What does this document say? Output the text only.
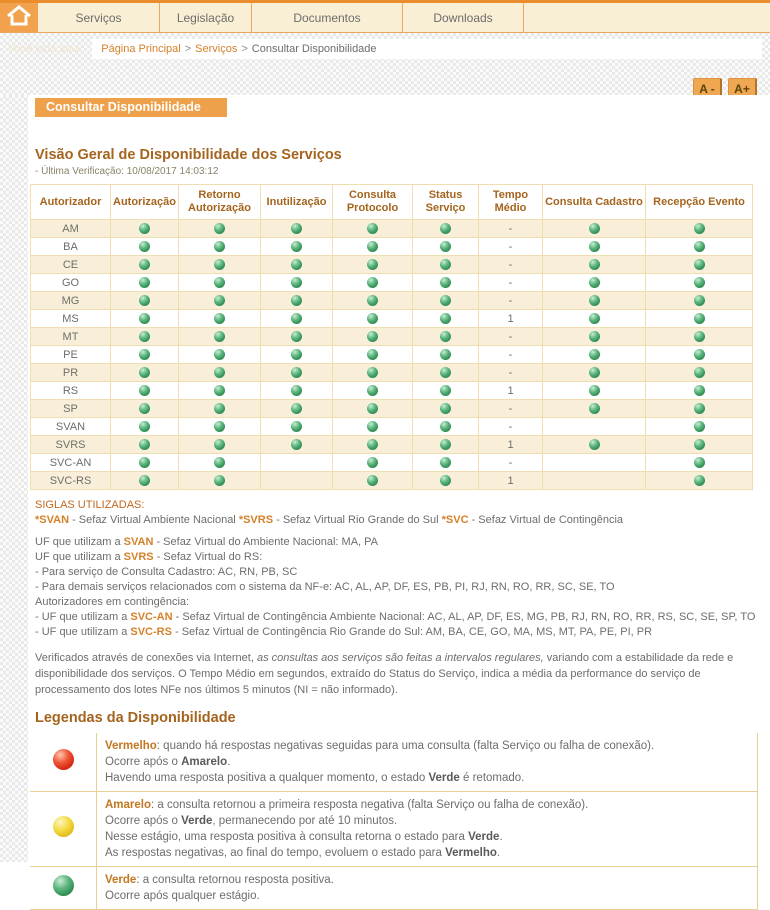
Serviços	Legislação	Documentos	Downloads
Você está aqui:	Página Principal > Serviços > Consultar Disponibilidade
A -	A+
Consultar Disponibilidade
Visão Geral de Disponibilidade dos Serviços
- Última Verificação: 10/08/2017 14:03:12
Autorizador	Autorização	Retorno Autorização	Inutilização	Consulta Protocolo	Status Serviço	Tempo Médio	Consulta Cadastro	Recepção Evento
AM						-		
BA						-		
CE						-		
GO						-		
MG						-		
MS						1		
MT						-		
PE						-		
PR						-		
RS						1		
SP						-		
SVAN						-		
SVRS						1		
SVC-AN						-		
SVC-RS						1		
SIGLAS UTILIZADAS:
*SVAN - Sefaz Virtual Ambiente Nacional *SVRS - Sefaz Virtual Rio Grande do Sul *SVC - Sefaz Virtual de Contingência
UF que utilizam a SVAN - Sefaz Virtual do Ambiente Nacional: MA, PA
UF que utilizam a SVRS - Sefaz Virtual do RS:
- Para serviço de Consulta Cadastro: AC, RN, PB, SC
- Para demais serviços relacionados com o sistema da NF-e: AC, AL, AP, DF, ES, PB, PI, RJ, RN, RO, RR, SC, SE, TO
Autorizadores em contingência:
- UF que utilizam a SVC-AN - Sefaz Virtual de Contingência Ambiente Nacional: AC, AL, AP, DF, ES, MG, PB, RJ, RN, RO, RR, RS, SC, SE, SP, TO
- UF que utilizam a SVC-RS - Sefaz Virtual de Contingência Rio Grande do Sul: AM, BA, CE, GO, MA, MS, MT, PA, PE, PI, PR
Verificados através de conexões via Internet, as consultas aos serviços são feitas a intervalos regulares, variando com a estabilidade da rede e disponibilidade dos serviços. O Tempo Médio em segundos, extraído do Status do Serviço, indica a média da performance do serviço de processamento dos lotes NFe nos últimos 5 minutos (NI = não informado).
Legendas da Disponibilidade

	Vermelho: quando há respostas negativas seguidas para uma consulta (falta Serviço ou falha de conexão).
Ocorre após o Amarelo.
Havendo uma resposta positiva a qualquer momento, o estado Verde é retomado.

	Amarelo: a consulta retornou a primeira resposta negativa (falta Serviço ou falha de conexão).
Ocorre após o Verde, permanecendo por até 10 minutos.
Nesse estágio, uma resposta positiva à consulta retorna o estado para Verde.
As respostas negativas, ao final do tempo, evoluem o estado para Vermelho.

	Verde: a consulta retornou resposta positiva.
Ocorre após qualquer estágio.
